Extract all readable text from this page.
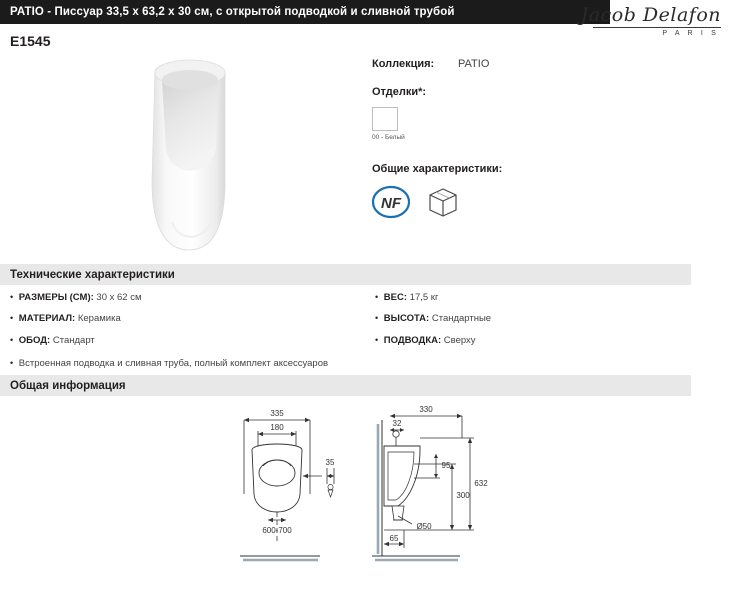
PATIO - Писсуар 33,5 x 63,2 x 30 см, с открытой подводкой и сливной трубой
E1545
Jacob Delafon
P A R I S
Коллекция:	PATIO
Отделки*:
00 - Белый
Общие характеристики:
NF
Технические характеристики
• РАЗМЕРЫ (СМ): 30 x 62 см
• МАТЕРИАЛ: Керамика
• ОБОД: Стандарт
• ВЕС: 17,5 кг
• ВЫСОТА: Стандартные
• ПОДВОДКА: Сверху
• Встроенная подводка и сливная труба, полный комплект аксессуаров
Общая информация
335
180
35
600-700
330
32
632
300
95
Ø50
65
